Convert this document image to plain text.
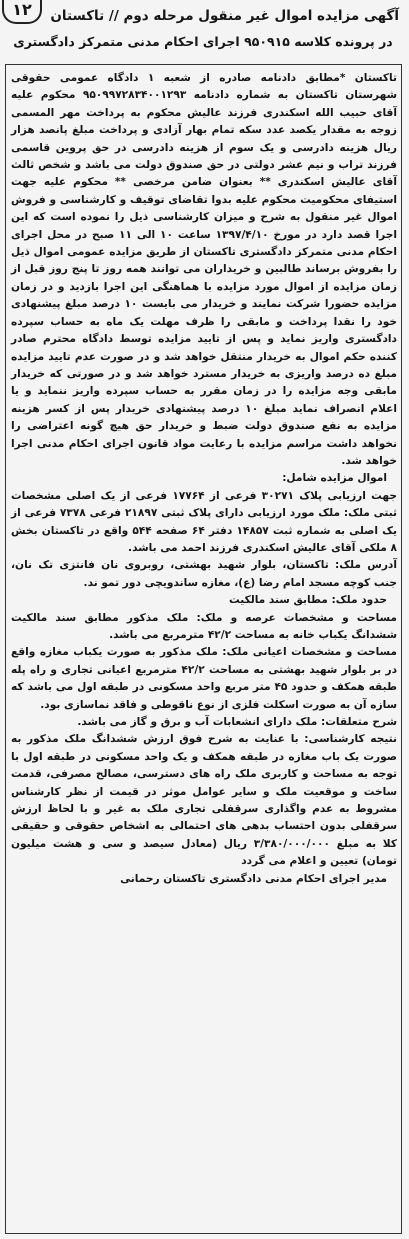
۱۲	آگهی مزایده اموال غیر منقول مرحله دوم // تاکستان
در پرونده کلاسه ۹۵۰۹۱۵ اجرای احکام مدنی متمرکز دادگستری

تاکستان *مطابق دادنامه صادره از شعبه ۱ دادگاه عمومی حقوقی شهرستان تاکستان به شماره دادنامه ۹۵۰۹۹۷۲۸۳۴۰۰۱۲۹۳ محکوم علیه آقای حبیب الله اسکندری فرزند عالیش محکوم به پرداخت مهر المسمی زوجه به مقدار یکصد عدد سکه تمام بهار آزادی و پرداخت مبلغ پانصد هزار ریال هزینه دادرسی و یک سوم از هزینه دادرسی در حق پروین قاسمی فرزند تراب و نیم عشر دولتی در حق صندوق دولت می باشد و شخص ثالث آقای عالیش اسکندری ** بعنوان ضامن مرخصی ** محکوم علیه جهت استیفای محکومیت محکوم علیه بدوا تقاضای توقیف و کارشناسی و فروش اموال غیر منقول به شرح و میزان کارشناسی ذیل را نموده است که این اجرا قصد دارد در مورخ ۱۳۹۷/۴/۱۰ ساعت ۱۰ الی ۱۱ صبح در محل اجرای احکام مدنی متمرکز دادگستری تاکستان از طریق مزایده عمومی اموال ذیل را بفروش برساند طالبین و خریداران می توانند همه روز تا پنج روز قبل از زمان مزایده از اموال مورد مزایده با هماهنگی این اجرا بازدید و در زمان مزایده حضورا شرکت نمایند و خریدار می بایست ۱۰ درصد مبلغ پیشنهادی خود را نقدا پرداخت و مابقی را ظرف مهلت یک ماه به حساب سپرده دادگستری واریز نماید و پس از تایید مزایده توسط دادگاه محترم صادر کننده حکم اموال به خریدار منتقل خواهد شد و در صورت عدم تایید مزایده مبلغ ده درصد واریزی به خریدار مسترد خواهد شد و در صورتی که خریدار مابقی وجه مزایده را در زمان مقرر به حساب سپرده واریز ننماید و یا اعلام انصراف نماید مبلغ ۱۰ درصد پیشنهادی خریدار پس از کسر هزینه مزایده به نفع صندوق دولت ضبط و خریدار حق هیچ گونه اعتراضی را نخواهد داشت مراسم مزایده با رعایت مواد قانون اجرای احکام مدنی اجرا خواهد شد.

اموال مزایده شامل:

جهت ارزیابی پلاک ۳۰۲۷۱ فرعی از ۱۷۷۶۴ فرعی از یک اصلی مشخصات ثبتی ملک: ملک مورد ارزیابی دارای پلاک ثبتی ۲۱۸۹۷ فرعی ۷۳۷۸ فرعی از یک اصلی به شماره ثبت ۱۴۸۵۷ دفتر ۶۴ صفحه ۵۴۴ واقع در تاکستان بخش ۸ ملکی آقای عالیش اسکندری فرزند احمد می باشد.

آدرس ملک: تاکستان، بلوار شهید بهشتی، روبروی نان فانتزی تک نان، جنب کوچه مسجد امام رضا (ع)، مغازه ساندویچی دور تمو ند.

حدود ملک: مطابق سند مالکیت

مساحت و مشخصات عرصه و ملک: ملک مذکور مطابق سند مالکیت ششدانگ یکباب خانه به مساحت ۴۲/۲ مترمربع می باشد.

مساحت و مشخصات اعیانی ملک: ملک مذکور به صورت یکباب مغازه واقع در بر بلوار شهید بهشتی به مساحت ۴۲/۲ مترمربع اعیانی تجاری و راه پله طبقه همکف و حدود ۴۵ متر مربع واحد مسکونی در طبقه اول می باشد که سازه آن به صورت اسکلت فلزی از نوع ناقوطی و فاقد نماسازی بود.

شرح متعلقات: ملک دارای انشعابات آب و برق و گاز می باشد.

نتیجه کارشناسی: با عنایت به شرح فوق ارزش ششدانگ ملک مذکور به صورت یک باب مغازه در طبقه همکف و یک واحد مسکونی در طبقه اول با توجه به مساحت و کاربری ملک راه های دسترسی، مصالح مصرفی، قدمت ساخت و موقعیت ملک و سایر عوامل موثر در قیمت از نظر کارشناس مشروط به عدم واگذاری سرقفلی تجاری ملک به غیر و با لحاظ ارزش سرقفلی بدون احتساب بدهی های احتمالی به اشخاص حقوقی و حقیقی کلا به مبلغ ۳/۳۸۰/۰۰۰/۰۰۰ ریال (معادل سیصد و سی و هشت میلیون تومان) تعیین و اعلام می گردد

مدیر اجرای احکام مدنی دادگستری تاکستان رحمانی
